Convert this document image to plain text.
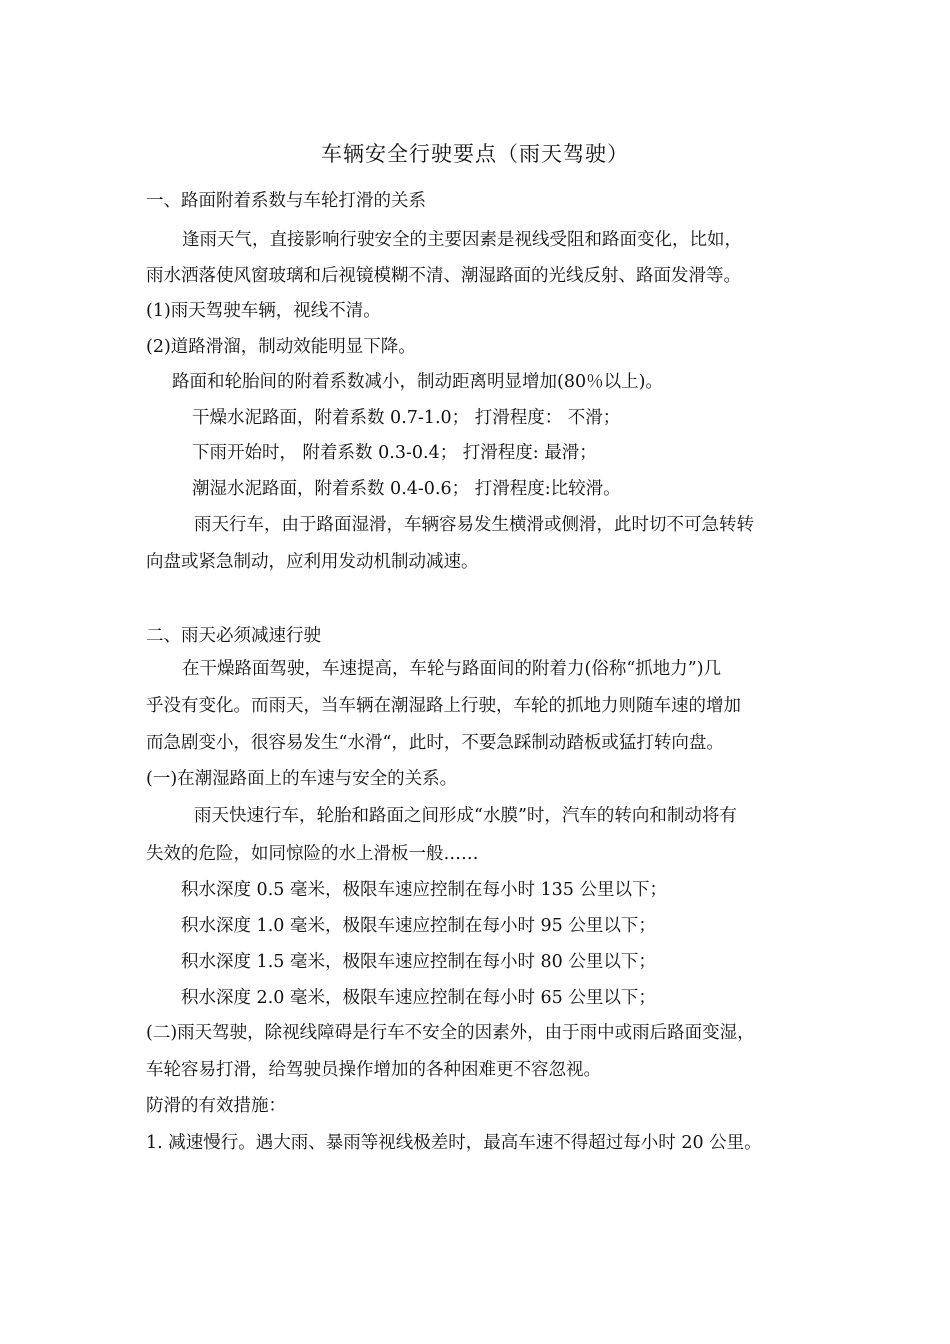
车辆安全行驶要点（雨天驾驶）
一、路面附着系数与车轮打滑的关系
逢雨天气，直接影响行驶安全的主要因素是视线受阻和路面变化，比如，
雨水洒落使风窗玻璃和后视镜模糊不清、潮湿路面的光线反射、路面发滑等。
(1)雨天驾驶车辆，视线不清。
(2)道路滑溜，制动效能明显下降。
路面和轮胎间的附着系数减小，制动距离明显增加(80％以上)。
干燥水泥路面，附着系数 0.7-1.0； 打滑程度： 不滑；
下雨开始时， 附着系数 0.3-0.4； 打滑程度: 最滑；
潮湿水泥路面，附着系数 0.4-0.6； 打滑程度:比较滑。
雨天行车，由于路面湿滑，车辆容易发生横滑或侧滑，此时切不可急转转
向盘或紧急制动，应利用发动机制动减速。
二、雨天必须减速行驶
在干燥路面驾驶，车速提高，车轮与路面间的附着力(俗称“抓地力”)几
乎没有变化。而雨天，当车辆在潮湿路上行驶，车轮的抓地力则随车速的增加
而急剧变小，很容易发生“水滑“，此时，不要急踩制动踏板或猛打转向盘。
(一)在潮湿路面上的车速与安全的关系。
雨天快速行车，轮胎和路面之间形成“水膜”时，汽车的转向和制动将有
失效的危险，如同惊险的水上滑板一般……
积水深度 0.5 毫米，极限车速应控制在每小时 135 公里以下；
积水深度 1.0 毫米，极限车速应控制在每小时 95 公里以下；
积水深度 1.5 毫米，极限车速应控制在每小时 80 公里以下；
积水深度 2.0 毫米，极限车速应控制在每小时 65 公里以下；
(二)雨天驾驶，除视线障碍是行车不安全的因素外，由于雨中或雨后路面变湿，
车轮容易打滑，给驾驶员操作增加的各种困难更不容忽视。
防滑的有效措施：
1. 减速慢行。遇大雨、暴雨等视线极差时，最高车速不得超过每小时 20 公里。
